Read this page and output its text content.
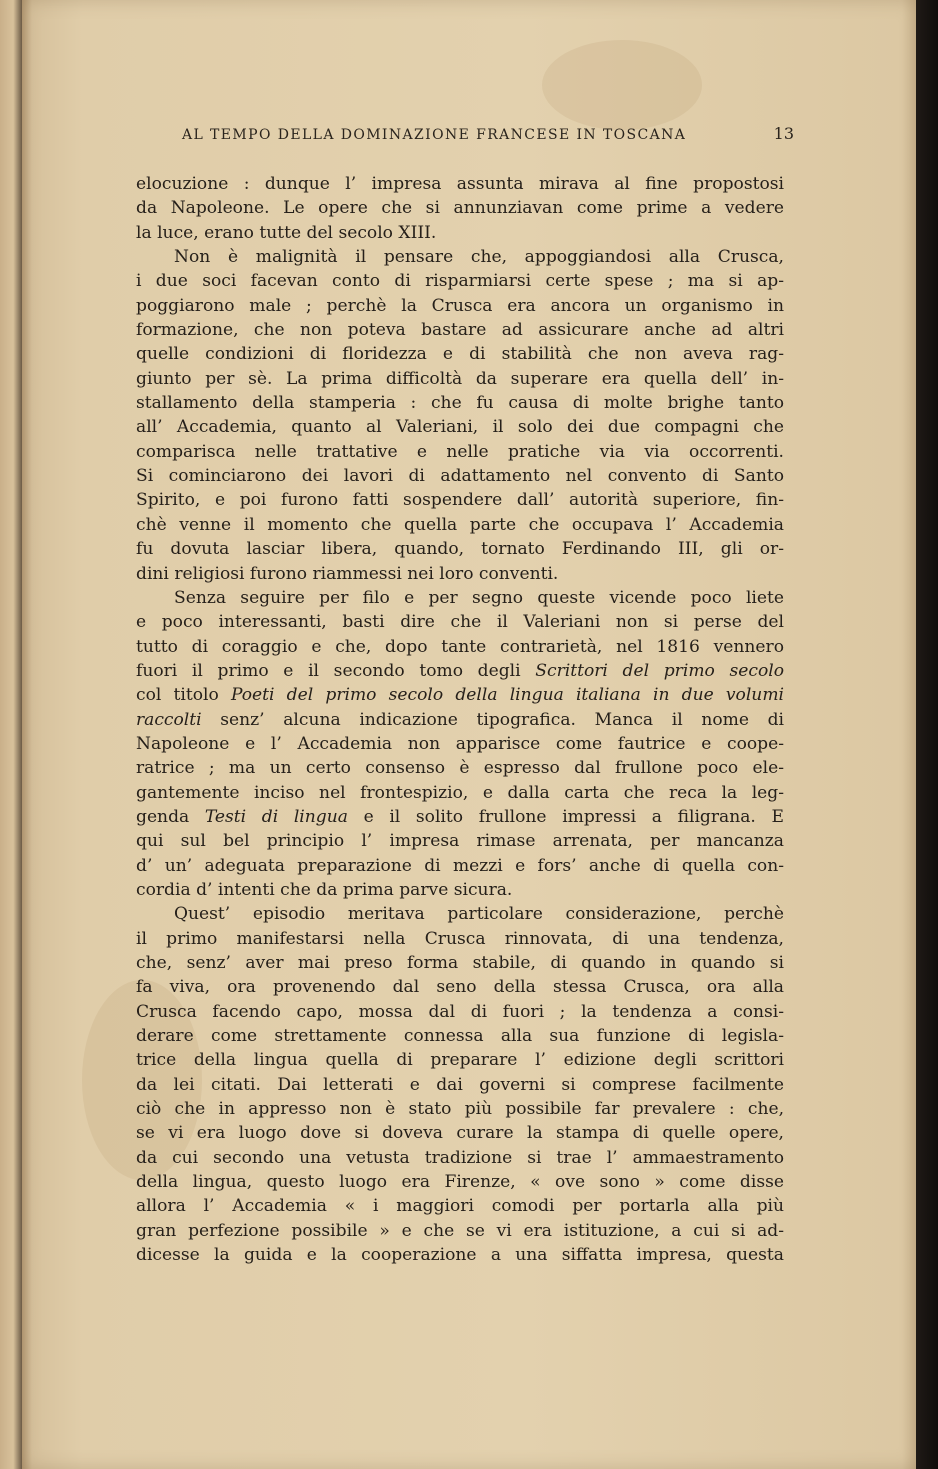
AL TEMPO DELLA DOMINAZIONE FRANCESE IN TOSCANA	13
elocuzione : dunque l’ impresa assunta mirava al fine propostosi
da Napoleone. Le opere che si annunziavan come prime a vedere
la luce, erano tutte del secolo XIII.
Non è malignità il pensare che, appoggiandosi alla Crusca,
i due soci facevan conto di risparmiarsi certe spese ; ma si ap-
poggiarono male ; perchè la Crusca era ancora un organismo in
formazione, che non poteva bastare ad assicurare anche ad altri
quelle condizioni di floridezza e di stabilità che non aveva rag-
giunto per sè. La prima difficoltà da superare era quella dell’ in-
stallamento della stamperia : che fu causa di molte brighe tanto
all’ Accademia, quanto al Valeriani, il solo dei due compagni che
comparisca nelle trattative e nelle pratiche via via occorrenti.
Si cominciarono dei lavori di adattamento nel convento di Santo
Spirito, e poi furono fatti sospendere dall’ autorità superiore, fin-
chè venne il momento che quella parte che occupava l’ Accademia
fu dovuta lasciar libera, quando, tornato Ferdinando III, gli or-
dini religiosi furono riammessi nei loro conventi.
Senza seguire per filo e per segno queste vicende poco liete
e poco interessanti, basti dire che il Valeriani non si perse del
tutto di coraggio e che, dopo tante contrarietà, nel 1816 vennero
fuori il primo e il secondo tomo degli Scrittori del primo secolo
col titolo Poeti del primo secolo della lingua italiana in due volumi
raccolti senz’ alcuna indicazione tipografica. Manca il nome di
Napoleone e l’ Accademia non apparisce come fautrice e coope-
ratrice ; ma un certo consenso è espresso dal frullone poco ele-
gantemente inciso nel frontespizio, e dalla carta che reca la leg-
genda Testi di lingua e il solito frullone impressi a filigrana. E
qui sul bel principio l’ impresa rimase arrenata, per mancanza
d’ un’ adeguata preparazione di mezzi e fors’ anche di quella con-
cordia d’ intenti che da prima parve sicura.
Quest’ episodio meritava particolare considerazione, perchè
il primo manifestarsi nella Crusca rinnovata, di una tendenza,
che, senz’ aver mai preso forma stabile, di quando in quando si
fa viva, ora provenendo dal seno della stessa Crusca, ora alla
Crusca facendo capo, mossa dal di fuori ; la tendenza a consi-
derare come strettamente connessa alla sua funzione di legisla-
trice della lingua quella di preparare l’ edizione degli scrittori
da lei citati. Dai letterati e dai governi si comprese facilmente
ciò che in appresso non è stato più possibile far prevalere : che,
se vi era luogo dove si doveva curare la stampa di quelle opere,
da cui secondo una vetusta tradizione si trae l’ ammaestramento
della lingua, questo luogo era Firenze, « ove sono » come disse
allora l’ Accademia « i maggiori comodi per portarla alla più
gran perfezione possibile » e che se vi era istituzione, a cui si ad-
dicesse la guida e la cooperazione a una siffatta impresa, questa
